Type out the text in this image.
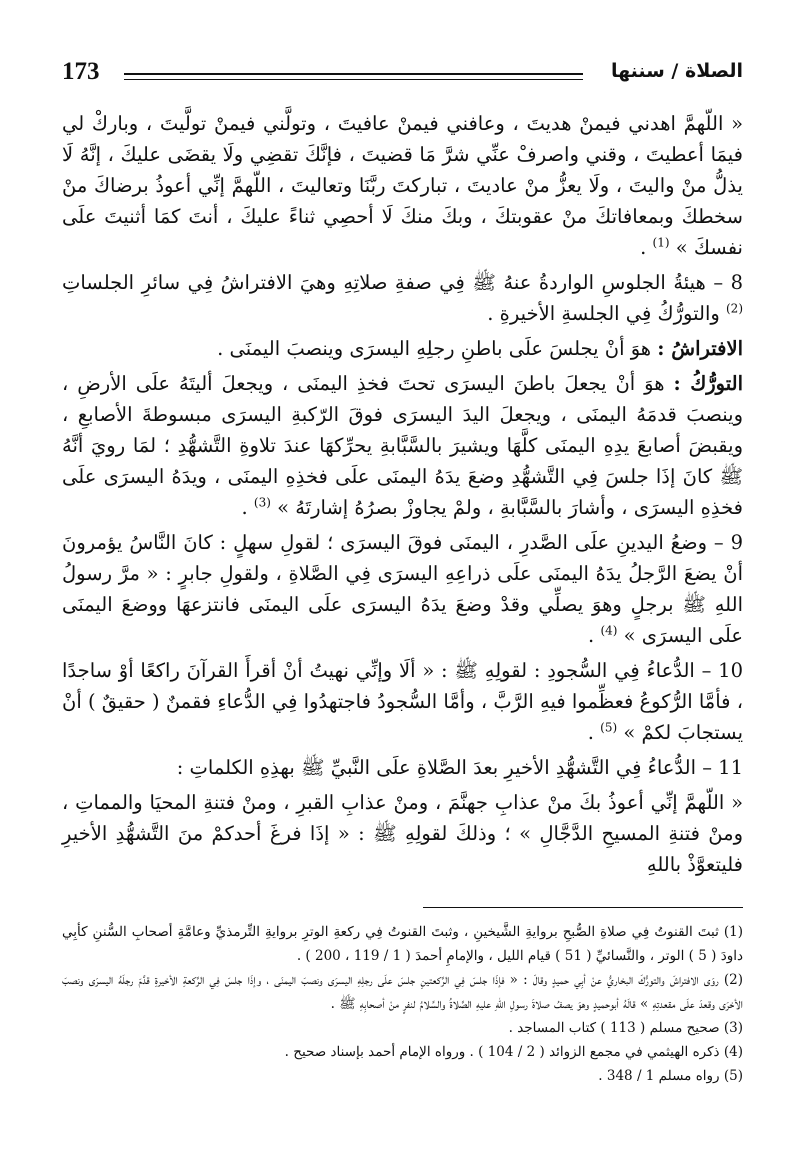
173	الصلاة / سننها

« اللّهمَّ اهدني فيمنْ هديتَ ، وعافني فيمنْ عافيتَ ، وتولَّني فيمنْ تولَّيتَ ، وباركْ لي فيمَا أعطيتَ ، وقني واصرفْ عنِّي شرَّ مَا قضيتَ ، فإنَّكَ تقضِي ولَا يقضَى عليكَ ، إنَّهُ لَا يذلُّ منْ واليتَ ، ولَا يعزُّ منْ عاديتَ ، تباركتَ ربَّنَا وتعاليتَ ، اللّهمَّ إنِّي أعوذُ برضاكَ منْ سخطكَ وبمعافاتكَ منْ عقوبتكَ ، وبكَ منكَ لَا أحصِي ثناءً عليكَ ، أنتَ كمَا أثنيتَ علَى نفسكَ » $^{(1)}$ .

8 – هيئةُ الجلوسِ الواردةُ عنهُ ﷺ فِي صفةِ صلاتِهِ وهيَ الافتراشُ فِي سائرِ الجلساتِ $^{(2)}$ والتورُّكُ فِي الجلسةِ الأخيرةِ .

الافتراشُ : هوَ أنْ يجلسَ علَى باطنِ رجلِهِ اليسرَى وينصبَ اليمنَى .

التورُّكُ : هوَ أنْ يجعلَ باطنَ اليسرَى تحتَ فخذِ اليمنَى ، ويجعلَ أليتَهُ علَى الأرضِ ، وينصبَ قدمَهُ اليمنَى ، ويجعلَ اليدَ اليسرَى فوقَ الرّكبةِ اليسرَى مبسوطةَ الأصابعِ ، ويقبضَ أصابعَ يدِهِ اليمنَى كلَّهَا ويشيرَ بالسَّبَّابةِ يحرِّكهَا عندَ تلاوةِ التَّشهُّدِ ؛ لمَا رويَ أنَّهُ ﷺ كانَ إذَا جلسَ فِي التَّشهُّدِ وضعَ يدَهُ اليمنَى علَى فخذِهِ اليمنَى ، ويدَهُ اليسرَى علَى فخذِهِ اليسرَى ، وأشارَ بالسَّبَّابةِ ، ولمْ يجاوزْ بصرُهُ إشارتَهُ » $^{(3)}$ .

9 – وضعُ اليدينِ علَى الصَّدرِ ، اليمنَى فوقَ اليسرَى ؛ لقولِ سهلٍ : كانَ النَّاسُ يؤمرونَ أنْ يضعَ الرَّجلُ يدَهُ اليمنَى علَى ذراعِهِ اليسرَى فِي الصَّلاةِ ، ولقولِ جابرٍ : « مرَّ رسولُ اللهِ ﷺ برجلٍ وهوَ يصلِّي وقدْ وضعَ يدَهُ اليسرَى علَى اليمنَى فانتزعهَا ووضعَ اليمنَى علَى اليسرَى » $^{(4)}$ .

10 – الدُّعاءُ فِي السُّجودِ : لقولِهِ ﷺ : « ألَا وإنِّي نهيتُ أنْ أقرأَ القرآنَ راكعًا أوْ ساجدًا ، فأمَّا الرُّكوعُ فعظِّموا فيهِ الرَّبَّ ، وأمَّا السُّجودُ فاجتهدُوا فِي الدُّعاءِ فقمنٌ ( حقيقٌ ) أنْ يستجابَ لكمْ » $^{(5)}$ .

11 – الدُّعاءُ فِي التَّشهُّدِ الأخيرِ بعدَ الصَّلاةِ علَى النَّبيِّ ﷺ بهذِهِ الكلماتِ :

« اللّهمَّ إنِّي أعوذُ بكَ منْ عذابِ جهنَّمَ ، ومنْ عذابِ القبرِ ، ومنْ فتنةِ المحيَا والمماتِ ، ومنْ فتنةِ المسيحِ الدَّجَّالِ » ؛ وذلكَ لقولِهِ ﷺ : « إذَا فرغَ أحدكمْ منَ التَّشهُّدِ الأخيرِ فليتعوَّذْ باللهِ

(1) ثبتَ القنوتُ فِي صلاةِ الصُّبحِ بروايةِ الشَّيخينِ ، وثبتَ القنوتُ فِي ركعةِ الوترِ بروايةِ التِّرمذيِّ وعامَّةِ أصحابِ السُّننِ كأبِي داودَ ( 5 ) الوتر ، والنَّسائيِّ ( 51 ) قيام الليل ، والإمامِ أحمدَ ( 1 / 119 ، 200 ) .

(2) روَى الافتراشَ والتورُّكَ البخاريُّ عنْ أبِي حميدٍ وقالَ : « فإذَا جلسَ فِي الرَّكعتينِ جلسَ علَى رجلِهِ اليسرَى ونصبَ اليمنَى ، وإذَا جلسَ فِي الرَّكعةِ الأخيرةِ قدَّمَ رجلَهُ اليسرَى ونصبَ الأخرَى وقعدَ علَى مقعدتِهِ » قالَهُ أبوحميدٍ وهوَ يصفُ صلاةَ رسولِ اللهِ عليهِ الصَّلاةُ والسَّلامُ لنفرٍ منْ أصحابِهِ ﷺ .

(3) صحيح مسلم ( 113 ) كتاب المساجد .

(4) ذكره الهيثمي في مجمع الزوائد ( 2 / 104 ) . ورواه الإمام أحمد بإسناد صحيح .

(5) رواه مسلم 1 / 348 .
